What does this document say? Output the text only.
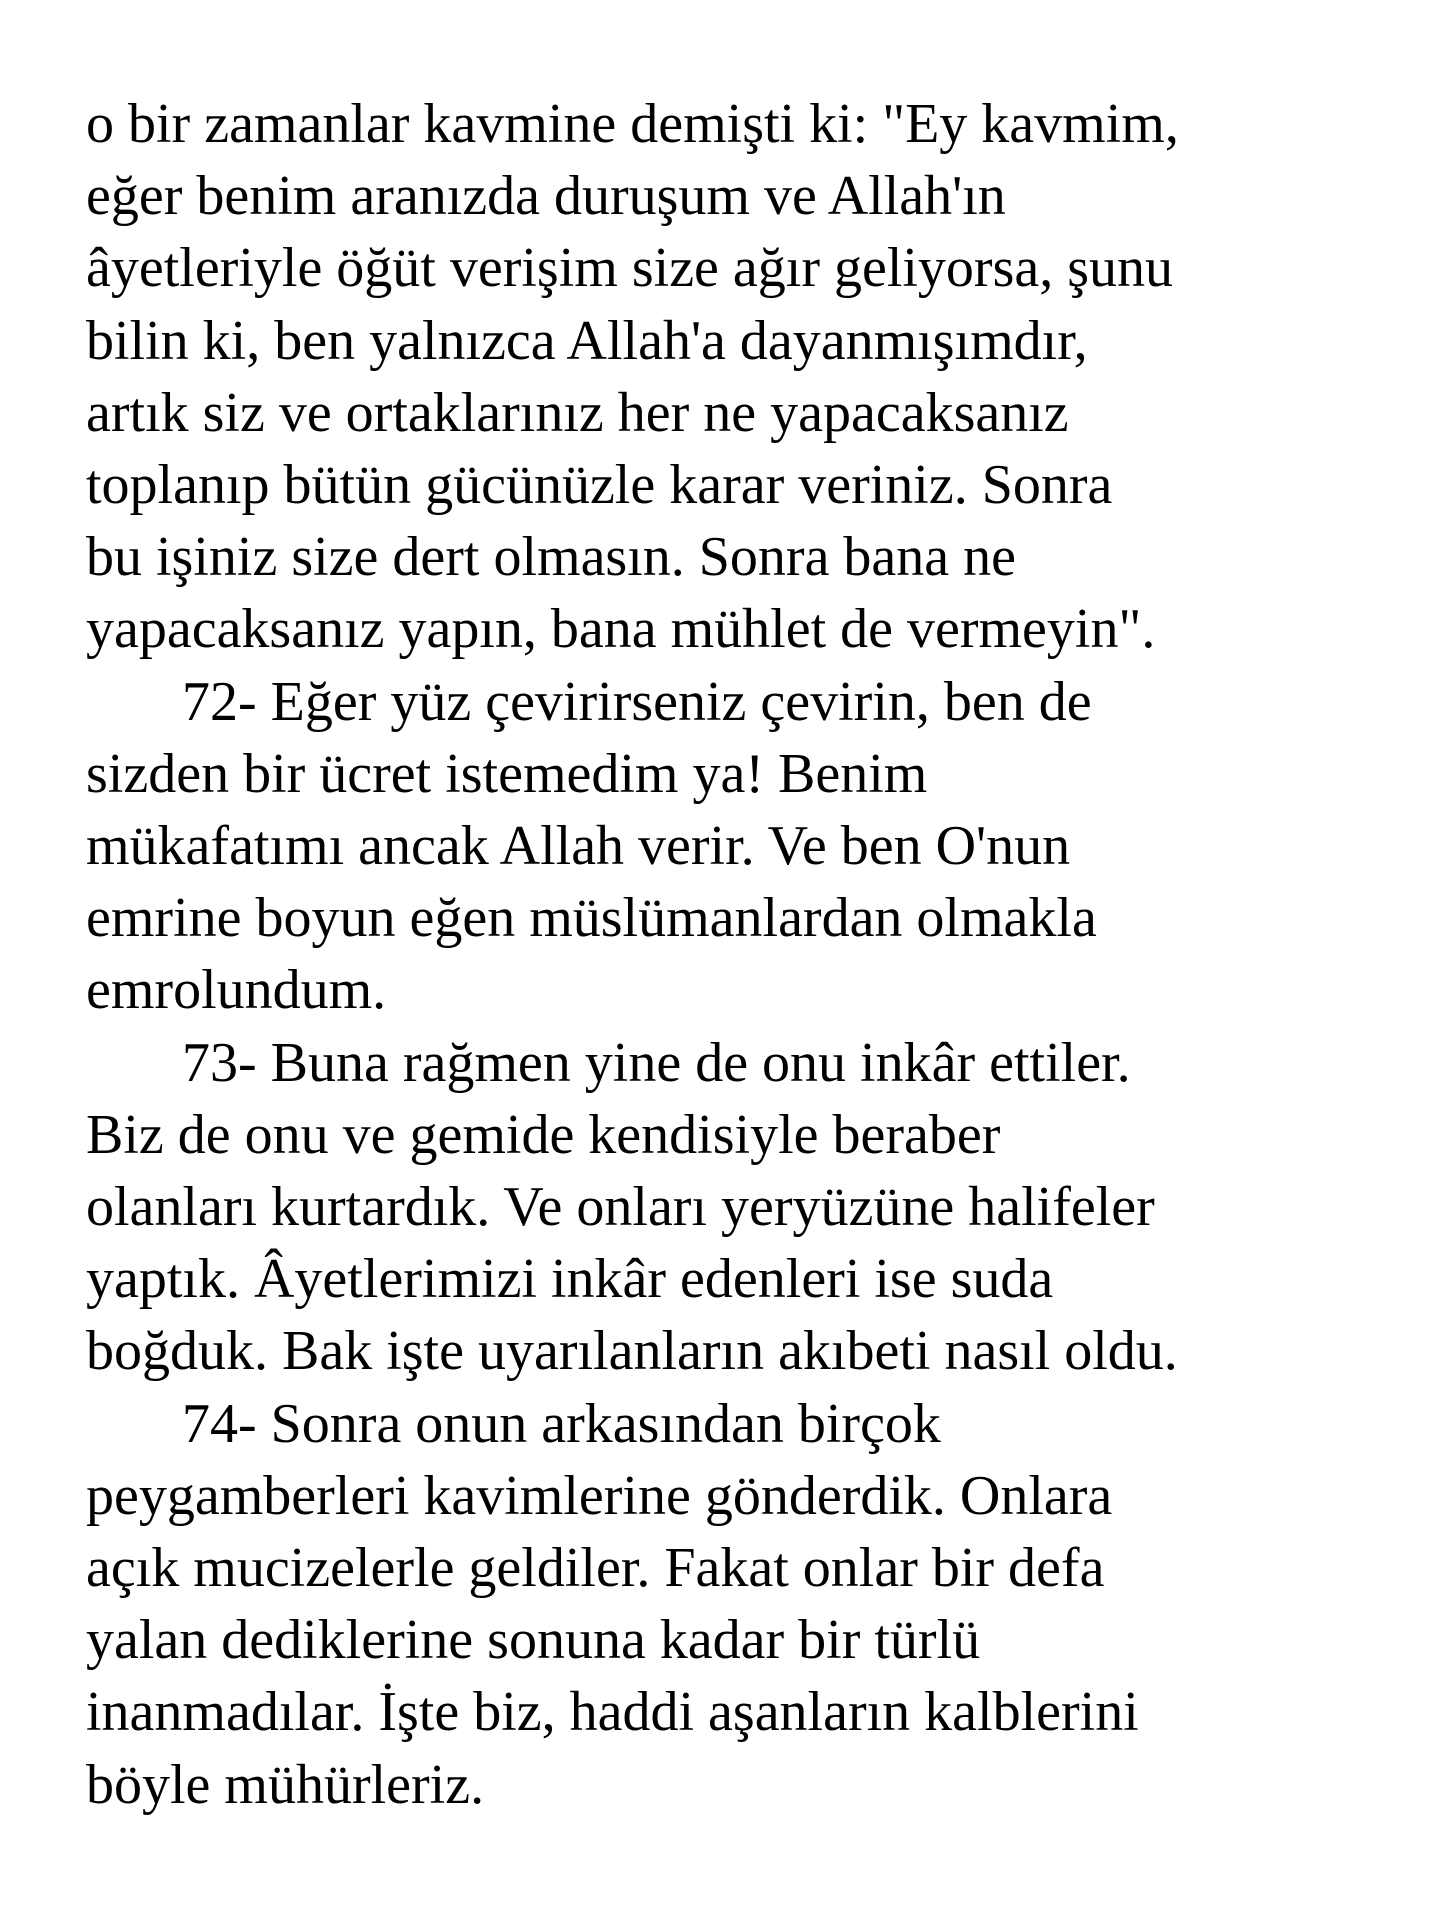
o bir zamanlar kavmine demişti ki: "Ey kavmim,
eğer benim aranızda duruşum ve Allah'ın
âyetleriyle öğüt verişim size ağır geliyorsa, şunu
bilin ki, ben yalnızca Allah'a dayanmışımdır,
artık siz ve ortaklarınız her ne yapacaksanız
toplanıp bütün gücünüzle karar veriniz. Sonra
bu işiniz size dert olmasın. Sonra bana ne
yapacaksanız yapın, bana mühlet de vermeyin".
72- Eğer yüz çevirirseniz çevirin, ben de
sizden bir ücret istemedim ya! Benim
mükafatımı ancak Allah verir. Ve ben O'nun
emrine boyun eğen müslümanlardan olmakla
emrolundum.
73- Buna rağmen yine de onu inkâr ettiler.
Biz de onu ve gemide kendisiyle beraber
olanları kurtardık. Ve onları yeryüzüne halifeler
yaptık. Âyetlerimizi inkâr edenleri ise suda
boğduk. Bak işte uyarılanların akıbeti nasıl oldu.
74- Sonra onun arkasından birçok
peygamberleri kavimlerine gönderdik. Onlara
açık mucizelerle geldiler. Fakat onlar bir defa
yalan dediklerine sonuna kadar bir türlü
inanmadılar. İşte biz, haddi aşanların kalblerini
böyle mühürleriz.
